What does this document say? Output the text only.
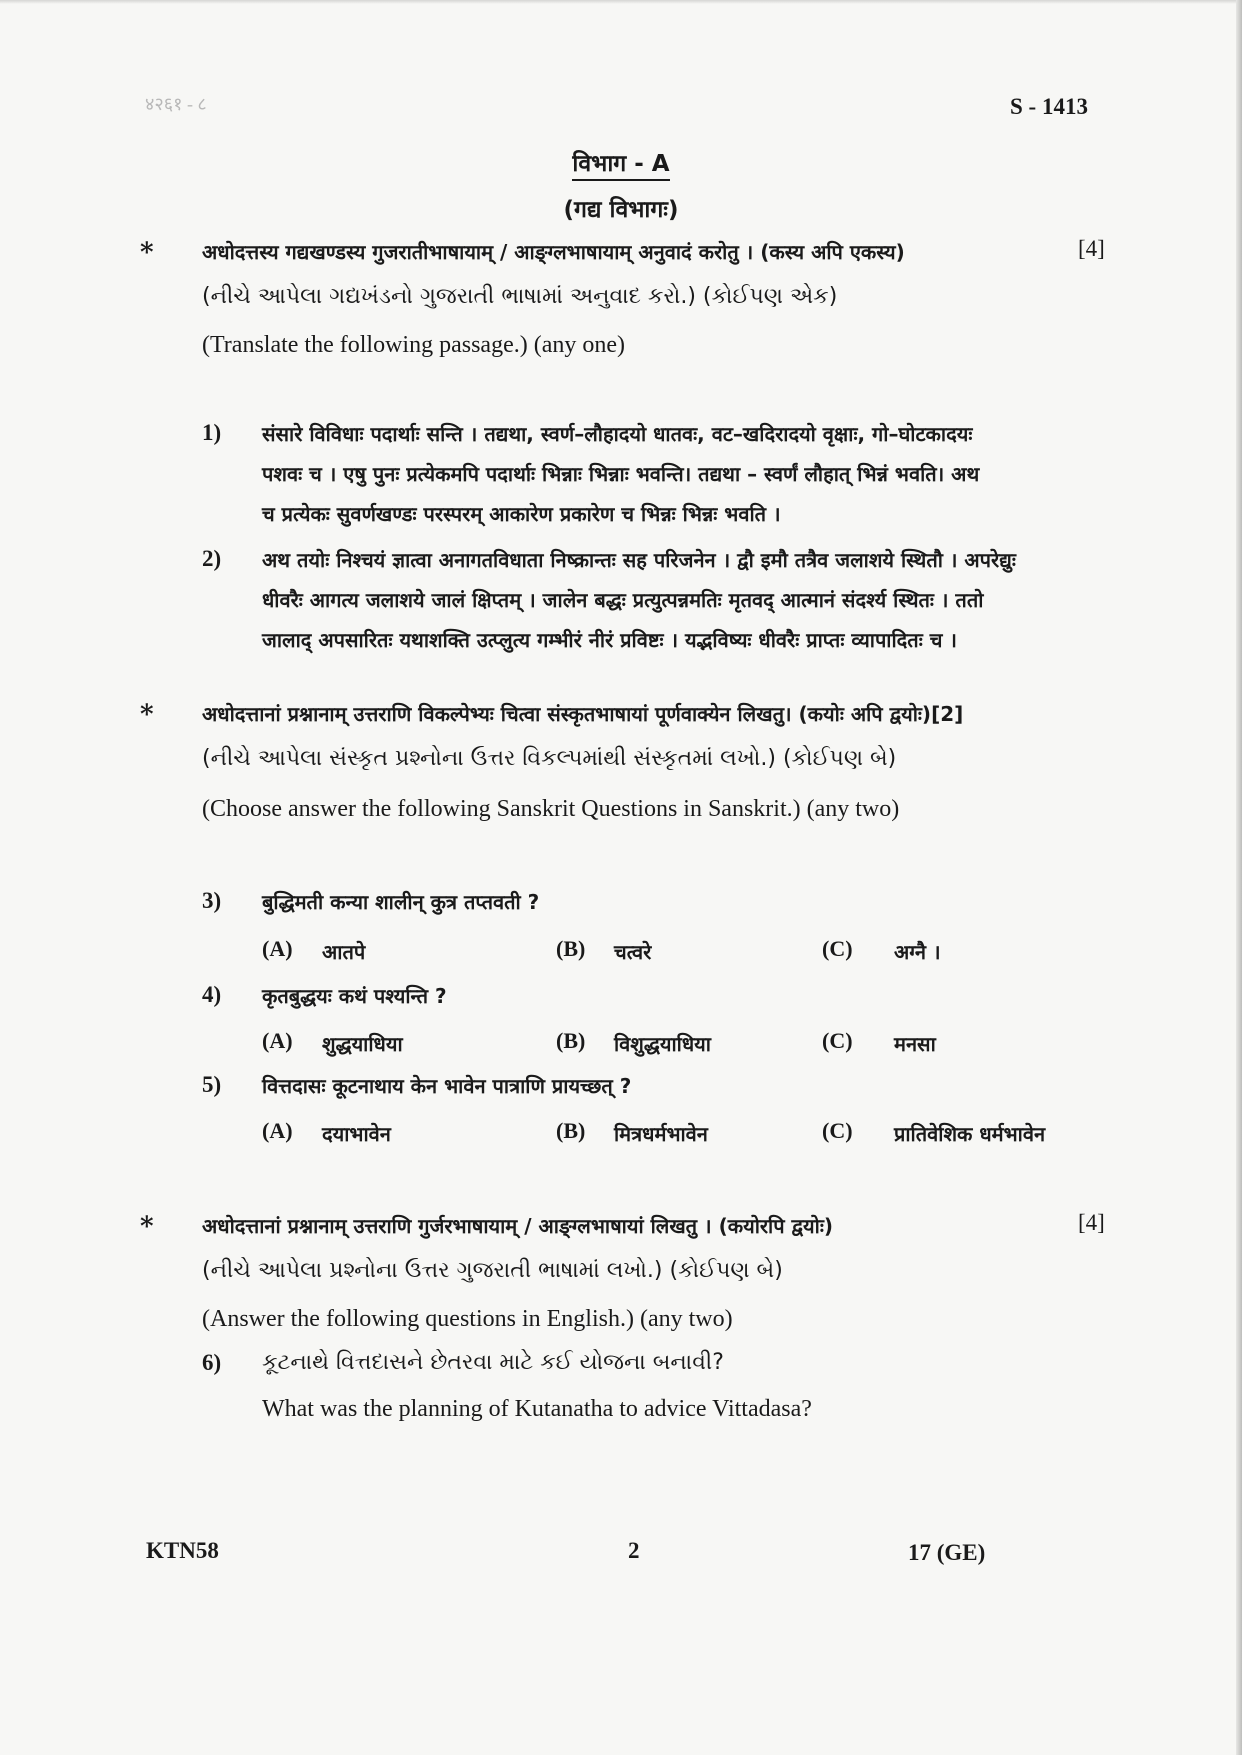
४२६१ - ८	S - 1413
विभाग - A
(गद्य विभागः)
* अधोदत्तस्य गद्यखण्डस्य गुजरातीभाषायाम् / आङ्ग्लभाषायाम् अनुवादं करोतु । (कस्य अपि एकस्य)	[4]
(નીચે આપેલા ગદ્યખંડનો ગુજરાતી ભાષામાં અનુવાદ કરો.) (કોઈપણ એક)
(Translate the following passage.) (any one)
1) संसारे विविधाः पदार्थाः सन्ति । तद्यथा, स्वर्ण–लौहादयो धातवः, वट–खदिरादयो वृक्षाः, गो–घोटकादयः
पशवः च । एषु पुनः प्रत्येकमपि पदार्थाः भिन्नाः भिन्नाः भवन्ति। तद्यथा – स्वर्णं लौहात् भिन्नं भवति। अथ
च प्रत्येकः सुवर्णखण्डः परस्परम् आकारेण प्रकारेण च भिन्नः भिन्नः भवति ।
2) अथ तयोः निश्चयं ज्ञात्वा अनागतविधाता निष्क्रान्तः सह परिजनेन । द्वौ इमौ तत्रैव जलाशये स्थितौ । अपरेद्युः
धीवरैः आगत्य जलाशये जालं क्षिप्तम् । जालेन बद्धः प्रत्युत्पन्नमतिः मृतवद् आत्मानं संदर्श्य स्थितः । ततो
जालाद् अपसारितः यथाशक्ति उत्प्लुत्य गम्भीरं नीरं प्रविष्टः । यद्भविष्यः धीवरैः प्राप्तः व्यापादितः च ।
* अधोदत्तानां प्रश्नानाम् उत्तराणि विकल्पेभ्यः चित्वा संस्कृतभाषायां पूर्णवाक्येन लिखतु। (कयोः अपि द्वयोः)[2]
(નીચે આપેલા સંસ્કૃત પ્રશ્નોના ઉત્તર વિકલ્પમાંથી સંસ્કૃતમાં લખો.) (કોઈપણ બે)
(Choose answer the following Sanskrit Questions in Sanskrit.) (any two)
3) बुद्धिमती कन्या शालीन् कुत्र तप्तवती ?
(A) आतपे	(B) चत्वरे	(C) अग्नै ।
4) कृतबुद्धयः कथं पश्यन्ति ?
(A) शुद्धयाधिया	(B) विशुद्धयाधिया	(C) मनसा
5) वित्तदासः कूटनाथाय केन भावेन पात्राणि प्रायच्छत् ?
(A) दयाभावेन	(B) मित्रधर्मभावेन	(C) प्रातिवेशिक धर्मभावेन
* अधोदत्तानां प्रश्नानाम् उत्तराणि गुर्जरभाषायाम् / आङ्ग्लभाषायां लिखतु । (कयोरपि द्वयोः)	[4]
(નીચે આપેલા પ્રશ્નોના ઉત્તર ગુજરાતી ભાષામાં લખો.) (કોઈપણ બે)
(Answer the following questions in English.) (any two)
6) કૂટનાથે વિત્તદાસને છેતરવા માટે કઈ યોજના બનાવી?
What was the planning of Kutanatha to advice Vittadasa?
KTN58	2	17 (GE)
